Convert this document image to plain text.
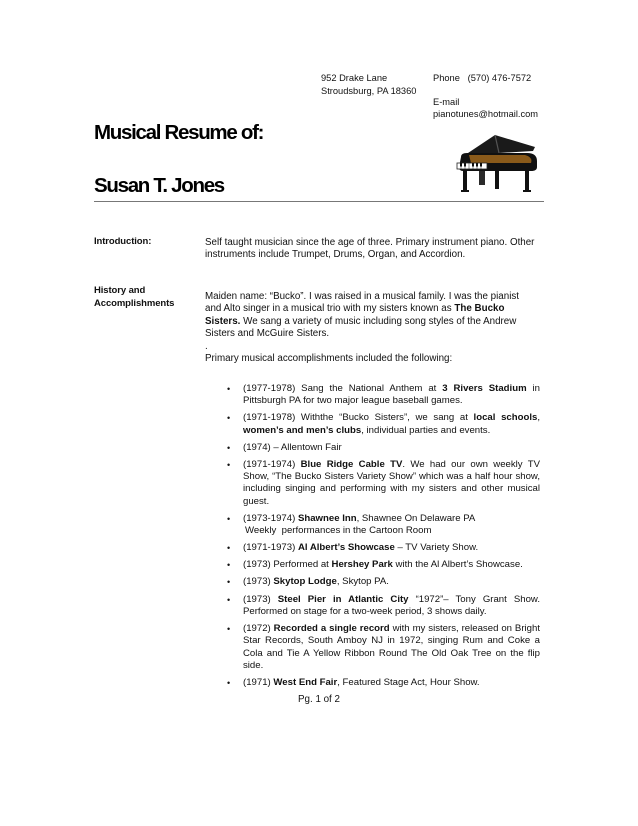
952 Drake Lane
Stroudsburg, PA 18360
Phone   (570) 476-7572
E-mail
pianotunes@hotmail.com
Musical Resume of:
Susan T. Jones
Introduction:	Self taught musician since the age of three. Primary instrument piano. Other instruments include Trumpet, Drums, Organ, and Accordion.
History and Accomplishments

Maiden name: “Bucko”. I was raised in a musical family. I was the pianist and Alto singer in a musical trio with my sisters known as The Bucko Sisters. We sang a variety of music including song styles of the Andrew Sisters and McGuire Sisters.

.

Primary musical accomplishments included the following:

• (1977-1978) Sang the National Anthem at 3 Rivers Stadium in Pittsburgh PA for two major league baseball games.
• (1971-1978) Withthe “Bucko Sisters”, we sang at local schools, women’s and men’s clubs, individual parties and events.
• (1974) – Allentown Fair
• (1971-1974) Blue Ridge Cable TV. We had our own weekly TV Show, “The Bucko Sisters Variety Show” which was a half hour show, including singing and performing with my sisters and other musical guest.
• (1973-1974) Shawnee Inn, Shawnee On Delaware PA
Weekly  performances in the Cartoon Room
• (1971-1973) Al Albert’s Showcase – TV Variety Show.
• (1973) Performed at Hershey Park with the Al Albert’s Showcase.
• (1973) Skytop Lodge, Skytop PA.
• (1973) Steel Pier in Atlantic City “1972”– Tony Grant Show. Performed on stage for a two-week period, 3 shows daily.
• (1972) Recorded a single record with my sisters, released on Bright Star Records, South Amboy NJ in 1972, singing Rum and Coke a Cola and Tie A Yellow Ribbon Round The Old Oak Tree on the flip side.
• (1971) West End Fair, Featured Stage Act, Hour Show.
Pg. 1 of 2
